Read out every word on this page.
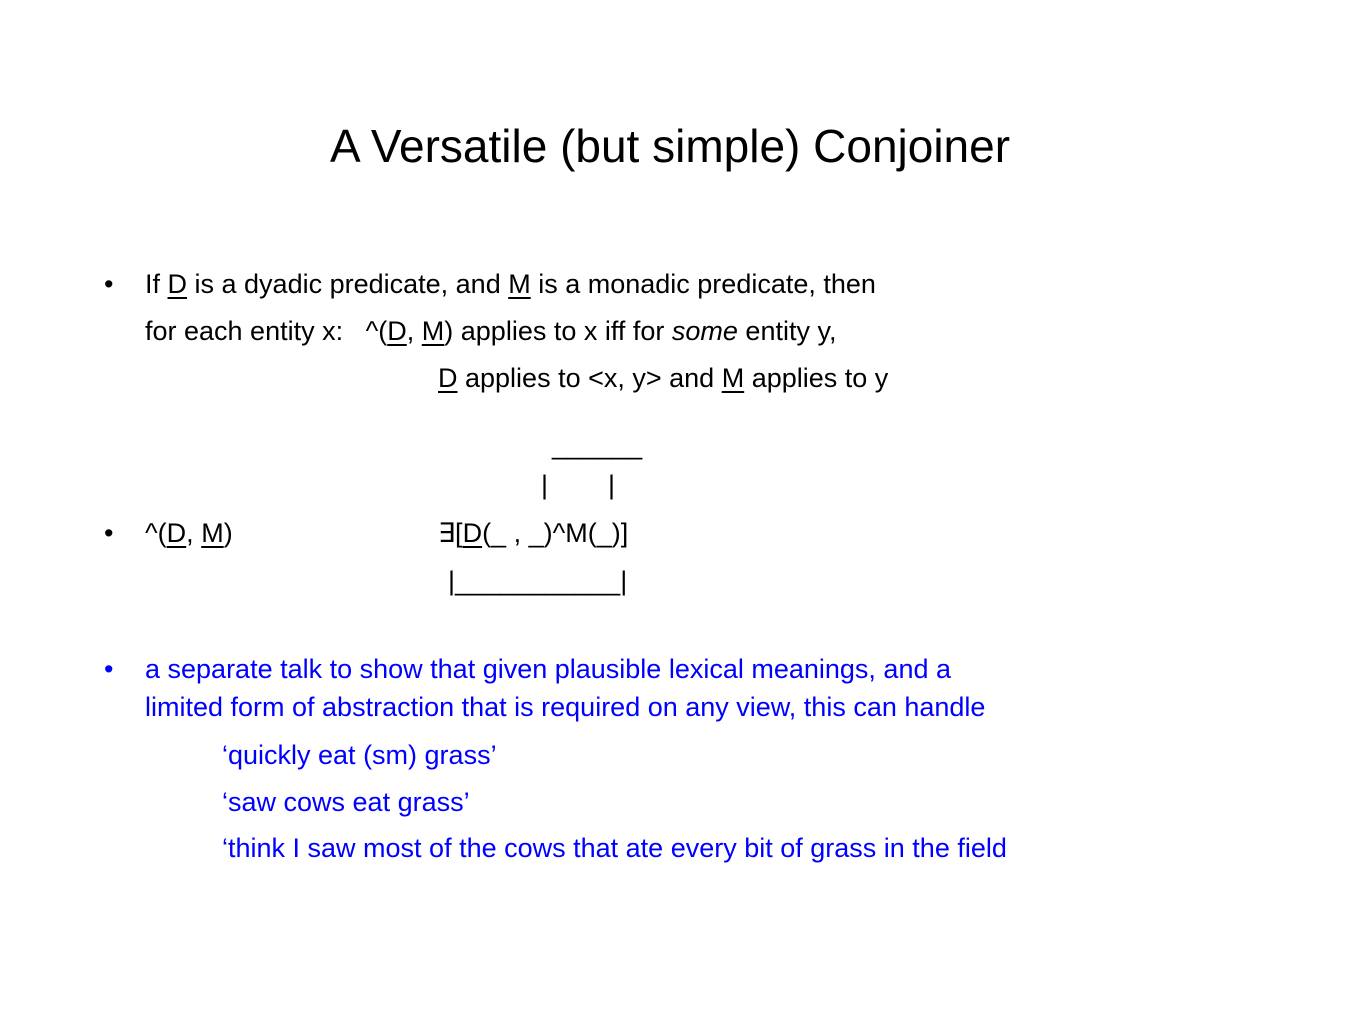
A Versatile (but simple) Conjoiner
• If D is a dyadic predicate, and M is a monadic predicate, then
for each entity x:   ^(D, M) applies to x iff for some entity y,
D applies to <x, y> and M applies to y
______
|        |
• ^(D, M)	∃[D(_ , _)^M(_)]
|___________|
• a separate talk to show that given plausible lexical meanings, and a
limited form of abstraction that is required on any view, this can handle
‘quickly eat (sm) grass’
‘saw cows eat grass’
‘think I saw most of the cows that ate every bit of grass in the field
